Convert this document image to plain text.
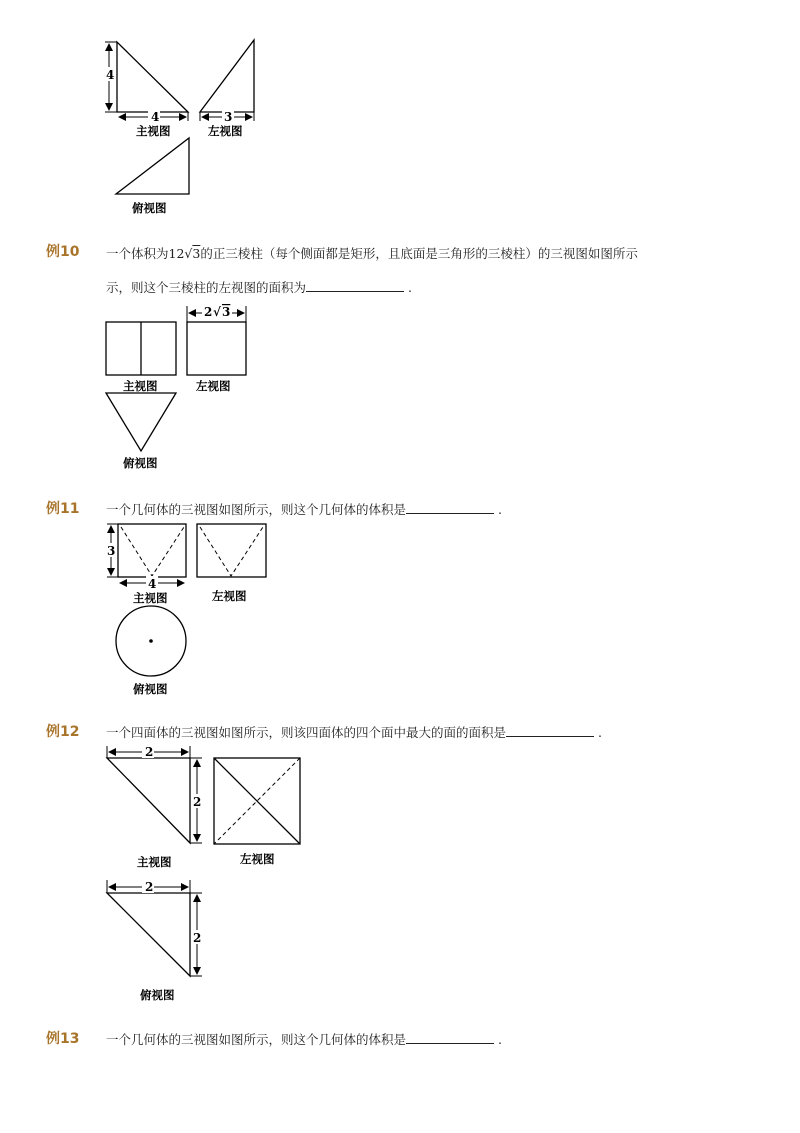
4
4
主视图
3
左视图
俯视图
例10 一个体积为12√3的正三棱柱（每个侧面都是矩形，且底面是三角形的三棱柱）的三视图如图所示
示，则这个三棱柱的左视图的面积为	.
主视图
2 √ 3
左视图
俯视图
例11 一个几何体的三视图如图所示，则这个几何体的体积是	.
3
4
主视图	左视图
俯视图
例12 一个四面体的三视图如图所示，则该四面体的四个面中最大的面的面积是	.
2
2
主视图	左视图
2
2
俯视图
例13 一个几何体的三视图如图所示，则这个几何体的体积是	.
